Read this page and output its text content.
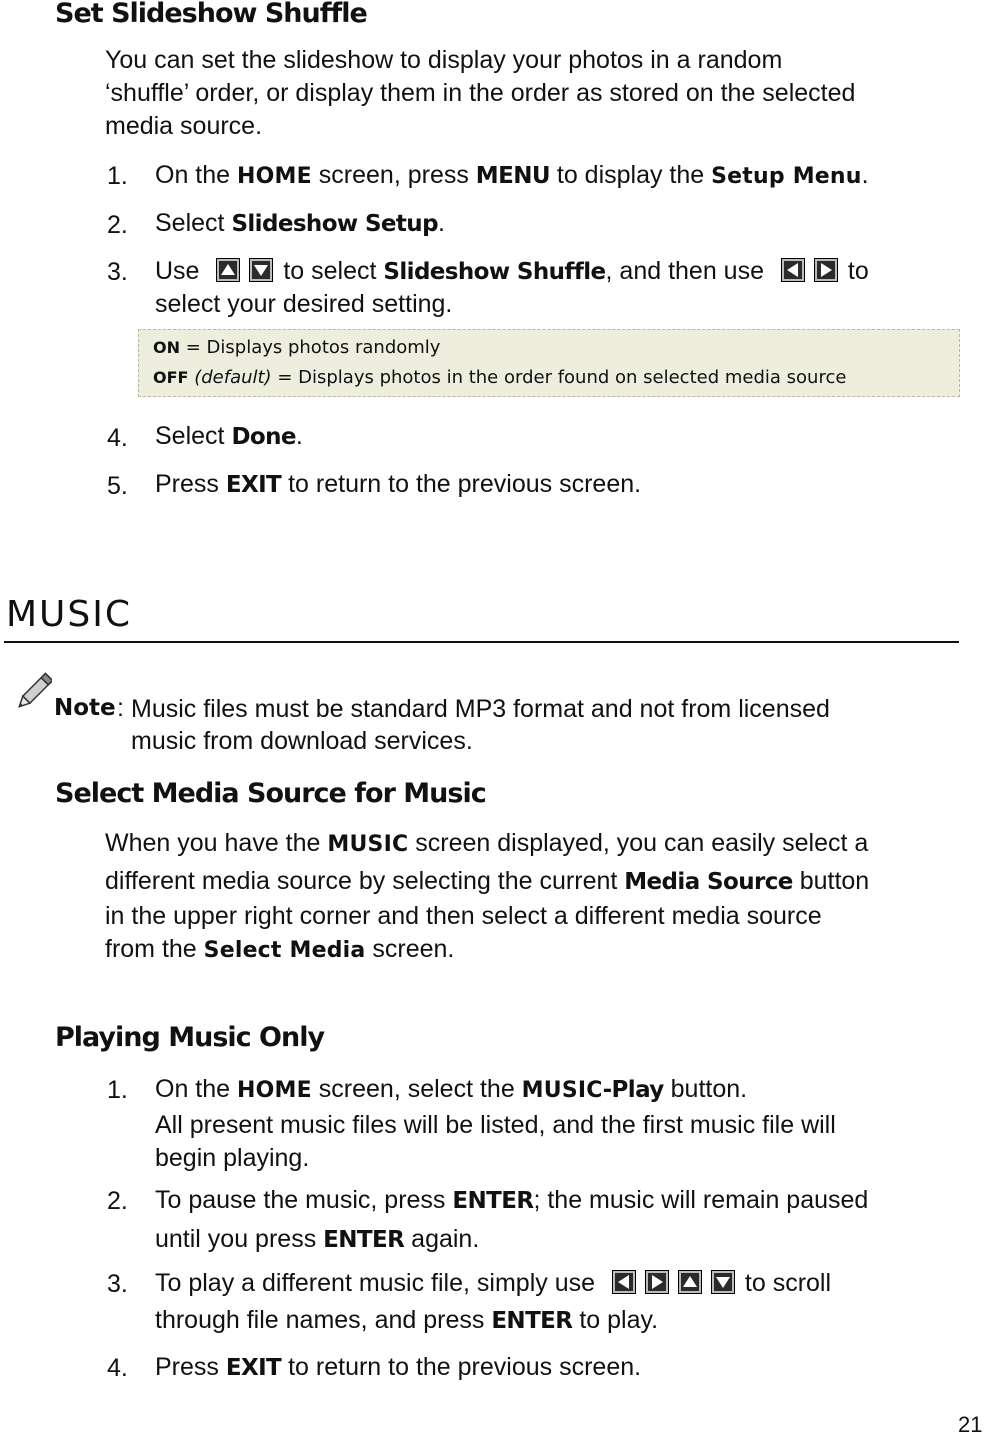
Set Slideshow Shuffle
You can set the slideshow to display your photos in a random
‘shuffle’ order, or display them in the order as stored on the selected
media source.
1. On the HOME screen, press MENU to display the Setup Menu.
2. Select Slideshow Setup.
3. Use	to select Slideshow Shuffle, and then use	to
select your desired setting.
ON = Displays photos randomly
OFF (default) = Displays photos in the order found on selected media source
4. Select Done.
5. Press EXIT to return to the previous screen.
MUSIC
Note : Music files must be standard MP3 format and not from licensed
music from download services.
Select Media Source for Music
When you have the MUSIC screen displayed, you can easily select a
different media source by selecting the current Media Source button
in the upper right corner and then select a different media source
from the Select Media screen.
Playing Music Only
1. On the HOME screen, select the MUSIC-Play button.
All present music files will be listed, and the first music file will
begin playing.
2. To pause the music, press ENTER; the music will remain paused
until you press ENTER again.
3. To play a different music file, simply use	to scroll
through file names, and press ENTER to play.
4. Press EXIT to return to the previous screen.
21
